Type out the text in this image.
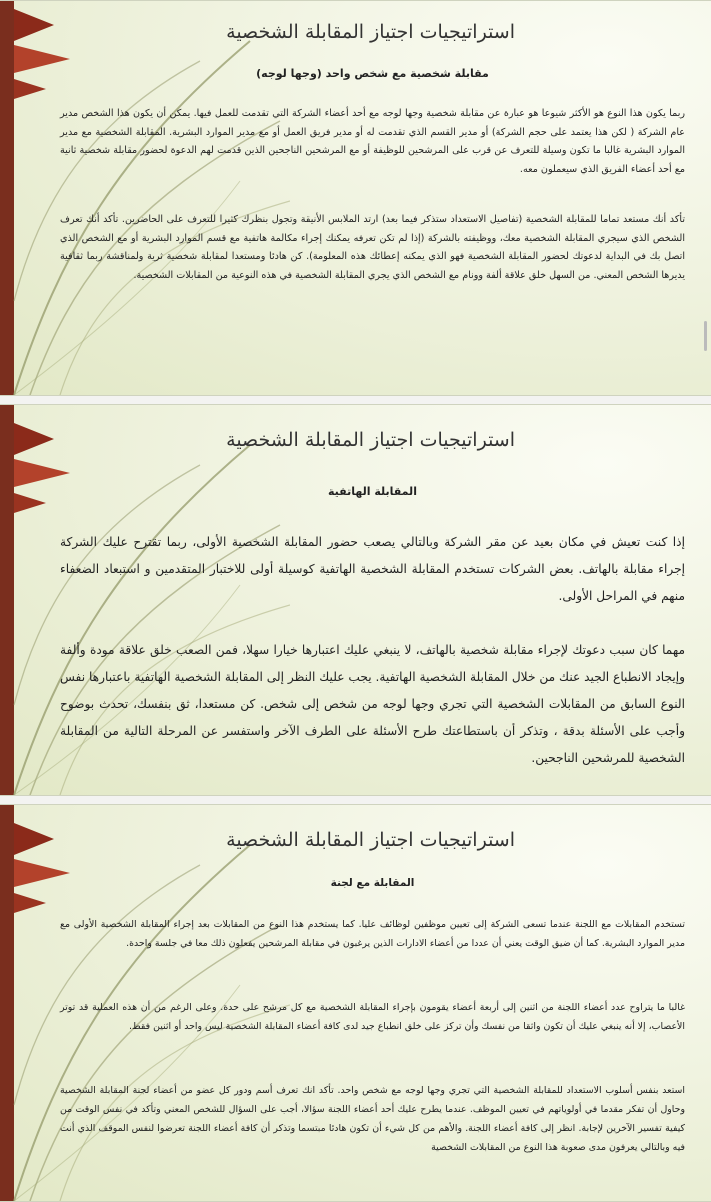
استراتيجيات اجتياز المقابلة الشخصية
مقابلة شخصية مع شخص واحد (وجها لوجه)
ربما يكون هذا النوع هو الأكثر شيوعا هو عبارة عن مقابلة شخصية وجها لوجه مع أحد أعضاء الشركة التي تقدمت للعمل فيها. يمكن أن يكون هذا الشخص مدير عام الشركة ( لكن هذا يعتمد على حجم الشركة) أو مدير القسم الذي تقدمت له أو مدير فريق العمل أو مع مدير الموارد البشرية. المقابلة الشخصية مع مدير الموارد البشرية غالبا ما تكون وسيلة للتعرف عن قرب على المرشحين للوظيفة أو مع المرشحين الناجحين الذين قدمت لهم الدعوة لحضور مقابلة شخصية ثانية مع أحد أعضاء الفريق الذي سيعملون معه.
تأكد أنك مستعد تماما للمقابلة الشخصية (تفاصيل الاستعداد ستذكر فيما بعد) ارتد الملابس الأنيقة وتجول بنظرك كثيرا للتعرف على الحاضرين. تأكد أنك تعرف الشخص الذي سيجري المقابلة الشخصية معك، ووظيفته بالشركة (إذا لم تكن تعرفه يمكنك إجراء مكالمة هاتفية مع قسم الموارد البشرية أو مع الشخص الذي اتصل بك في البداية لدعوتك لحضور المقابلة الشخصية فهو الذي يمكنه إعطائك هذه المعلومة). كن هادئا ومستعدا لمقابلة شخصية ثرية ولمناقشة ربما ثقافية يديرها الشخص المعني. من السهل خلق علاقة ألفة وونام مع الشخص الذي يجري المقابلة الشخصية في هذه النوعية من المقابلات الشخصية.
استراتيجيات اجتياز المقابلة الشخصية
المقابلة الهاتفية
إذا كنت تعيش في مكان بعيد عن مقر الشركة وبالتالي يصعب حضور المقابلة الشخصية الأولى، ربما تقترح عليك الشركة إجراء مقابلة بالهاتف. بعض الشركات تستخدم المقابلة الشخصية الهاتفية كوسيلة أولى للاختبار المتقدمين و استبعاد الضعفاء منهم في المراحل الأولى.
مهما كان سبب دعوتك لإجراء مقابلة شخصية بالهاتف، لا ينبغي عليك اعتبارها خيارا سهلا، فمن الصعب خلق علاقة مودة وألفة وإيجاد الانطباع الجيد عنك من خلال المقابلة الشخصية الهاتفية. يجب عليك النظر إلى المقابلة الشخصية الهاتفية باعتبارها نفس النوع السابق من المقابلات الشخصية التي تجري وجها لوجه من شخص إلى شخص. كن مستعدا، ثق بنفسك، تحدث بوضوح وأجب على الأسئلة بدقة ، وتذكر أن باستطاعتك طرح الأسئلة على الطرف الآخر واستفسر عن المرحلة التالية من المقابلة الشخصية للمرشحين الناجحين.
استراتيجيات اجتياز المقابلة الشخصية
المقابلة مع لجنة
تستخدم المقابلات مع اللجنة عندما تسعى الشركة إلى تعيين موظفين لوظائف عليا. كما يستخدم هذا النوع من المقابلات بعد إجراء المقابلة الشخصية الأولى مع مدير الموارد البشرية. كما أن ضيق الوقت يعني أن عددا من أعضاء الادارات الذين يرغبون في مقابلة المرشحين يفعلون ذلك معا في جلسة واحدة.
غالبا ما يتراوح عدد أعضاء اللجنة من اثنين إلى أربعة أعضاء يقومون بإجراء المقابلة الشخصية مع كل مرشح على حدة. وعلى الرغم من أن هذه العملية قد توتر الأعصاب، إلا أنه ينبغي عليك أن تكون واثقا من نفسك وأن تركز على خلق انطباع جيد لدى كافة أعضاء المقابلة الشخصية ليس واحد أو اثنين فقط.
استعد بنفس أسلوب الاستعداد للمقابلة الشخصية التي تجري وجها لوجه مع شخص واحد. تأكد انك تعرف أسم ودور كل عضو من أعضاء لجنة المقابلة الشخصية وحاول أن تفكر مقدما في أولوياتهم في تعيين الموظف. عندما يطرح عليك أحد أعضاء اللجنة سؤالا، أجب على السؤال للشخص المعني وتأكد في نفس الوقت من كيفية تفسير الآخرين لإجابة. انظر إلى كافة أعضاء اللجنة. والأهم من كل شيء أن تكون هادئا مبتسما وتذكر أن كافة أعضاء اللجنة تعرضوا لنفس الموقف الذي أنت فيه وبالتالي يعرفون مدى صعوبة هذا النوع من المقابلات الشخصية
